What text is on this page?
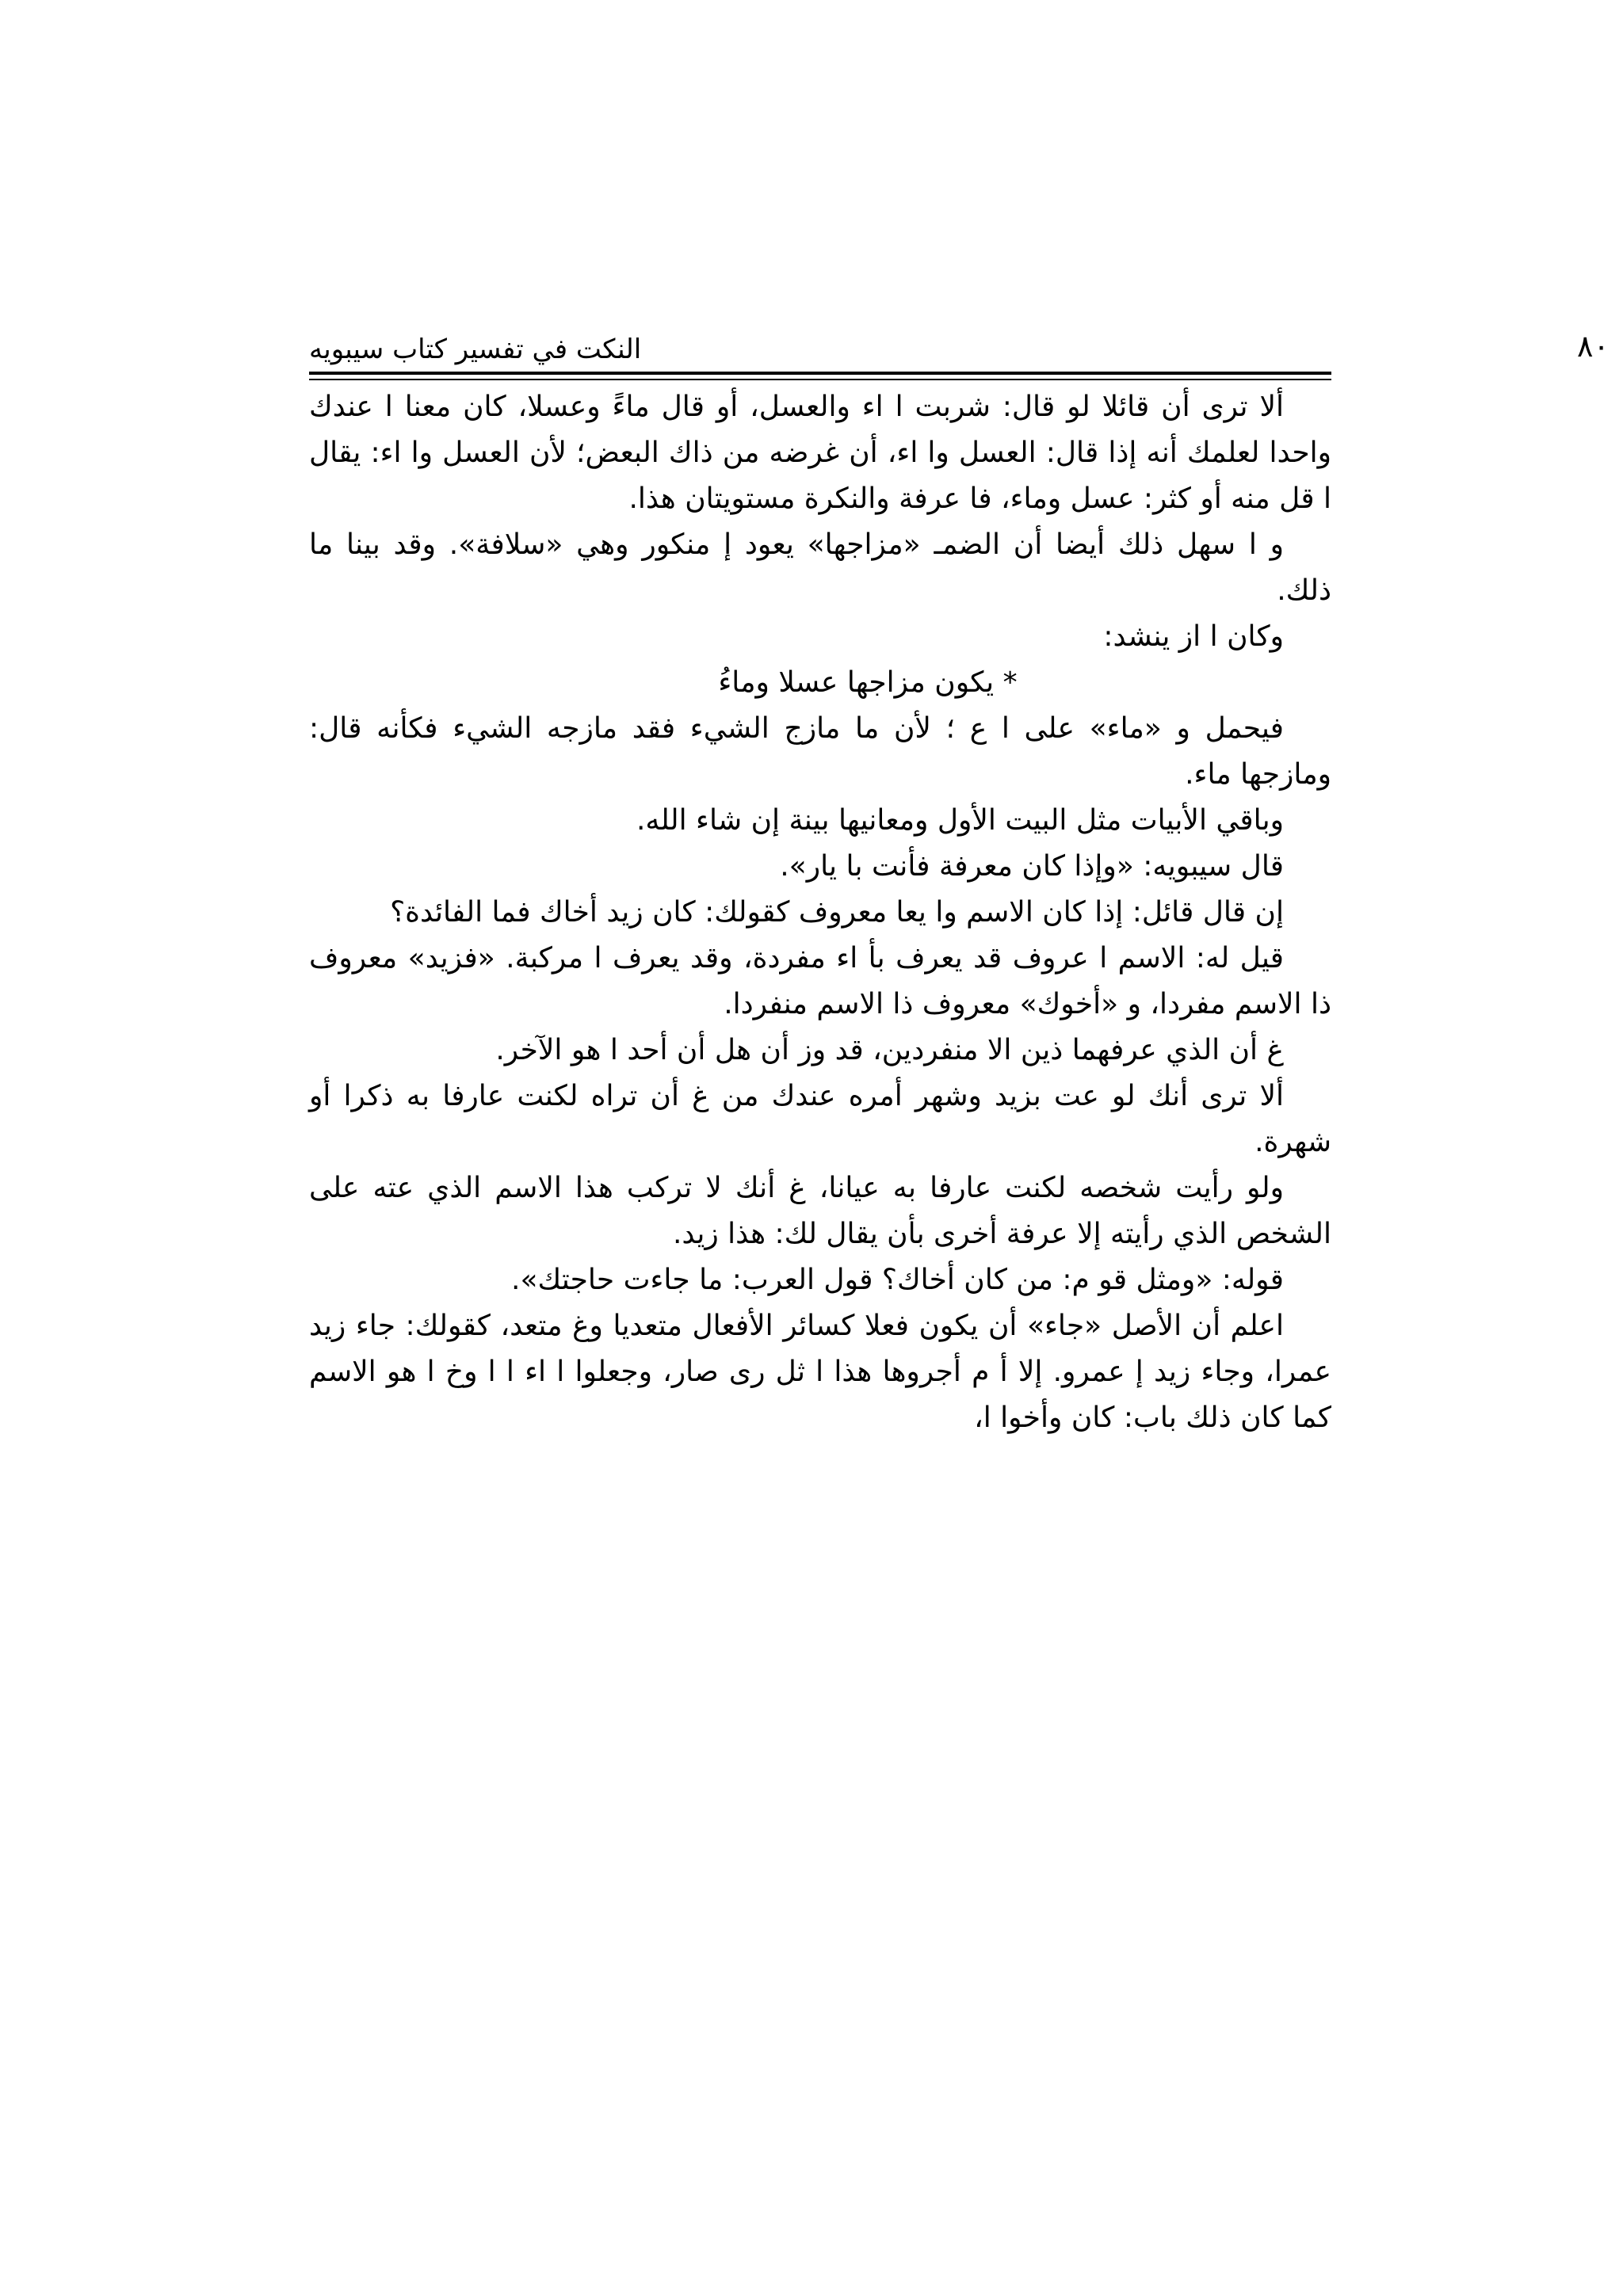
٨٠
النكت في تفسير كتاب سيبويه

ألا ترى أن قائلا لو قال: شربت ا اء والعسل، أو قال ماءً وعسلا، كان معنا ا عندك واحدا لعلمك أنه إذا قال: العسل وا اء، أن غرضه من ذاك البعض؛ لأن العسل وا اء: يقال ا قل منه أو كثر: عسل وماء، فا عرفة والنكرة مستويتان هذا.

و ا سهل ذلك أيضا أن الضمـ «مزاجها» يعود إ منكور وهي «سلافة». وقد بينا ما ذلك.

وكان ا از ينشد:

* يكون مزاجها عسلا وماءُ

فيحمل و «ماء» على ا ع ؛ لأن ما مازج الشيء فقد مازجه الشيء فكأنه قال: ومازجها ماء.

وباقي الأبيات مثل البيت الأول ومعانيها بينة إن شاء الله.

قال سيبويه: «وإذا كان معرفة فأنت با يار».

إن قال قائل: إذا كان الاسم وا يعا معروف كقولك: كان زيد أخاك فما الفائدة؟

قيل له: الاسم ا عروف قد يعرف بأ اء مفردة، وقد يعرف ا مركبة. «فزيد» معروف ذا الاسم مفردا، و «أخوك» معروف ذا الاسم منفردا.

غ أن الذي عرفهما ذين الا منفردين، قد وز أن هل أن أحد ا هو الآخر.

ألا ترى أنك لو عت بزيد وشهر أمره عندك من غ أن تراه لكنت عارفا به ذكرا أو شهرة.

ولو رأيت شخصه لكنت عارفا به عيانا، غ أنك لا تركب هذا الاسم الذي عته على الشخص الذي رأيته إلا عرفة أخرى بأن يقال لك: هذا زيد.

قوله: «ومثل قو م: من كان أخاك؟ قول العرب: ما جاءت حاجتك».

اعلم أن الأصل «جاء» أن يكون فعلا كسائر الأفعال متعديا وغ متعد، كقولك: جاء زيد عمرا، وجاء زيد إ عمرو. إلا أ م أجروها هذا ا ثل رى صار، وجعلوا ا اء ا ا وخ ا هو الاسم كما كان ذلك باب: كان وأخوا ا،
